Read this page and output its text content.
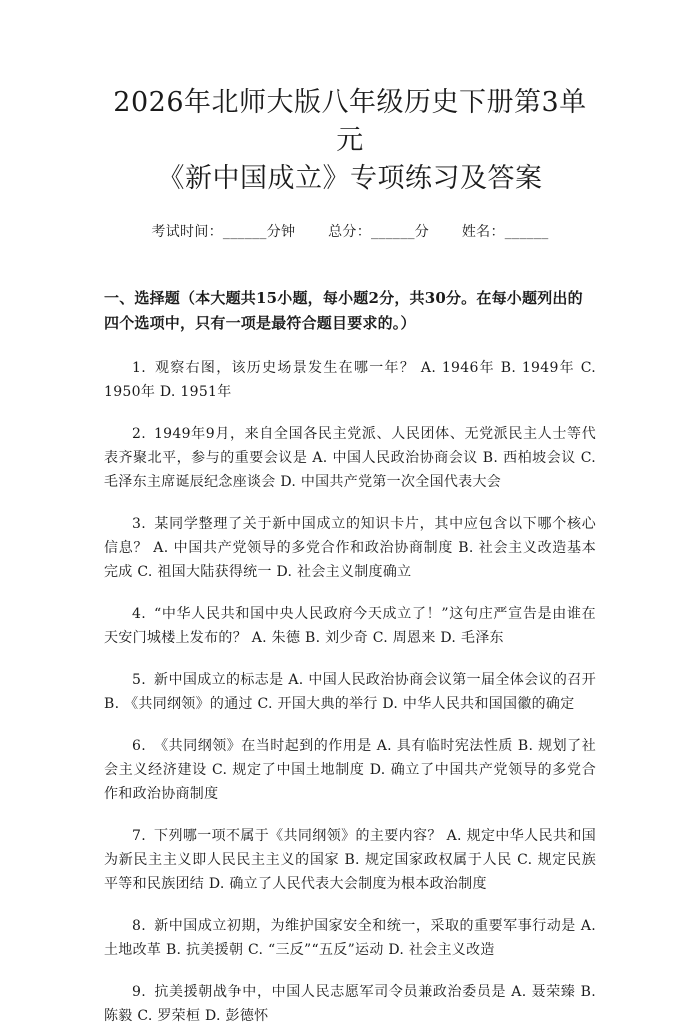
2026年北师大版八年级历史下册第3单元
《新中国成立》专项练习及答案
考试时间：______分钟 总分：______分 姓名：______
一、选择题（本大题共15小题，每小题2分，共30分。在每小题列出的四个选项中，只有一项是最符合题目要求的。）

1. 观察右图，该历史场景发生在哪一年？ A. 1946年 B. 1949年 C. 1950年 D. 1951年

2. 1949年9月，来自全国各民主党派、人民团体、无党派民主人士等代表齐聚北平，参与的重要会议是 A. 中国人民政治协商会议 B. 西柏坡会议 C. 毛泽东主席诞辰纪念座谈会 D. 中国共产党第一次全国代表大会

3. 某同学整理了关于新中国成立的知识卡片，其中应包含以下哪个核心信息？ A. 中国共产党领导的多党合作和政治协商制度 B. 社会主义改造基本完成 C. 祖国大陆获得统一 D. 社会主义制度确立

4. “中华人民共和国中央人民政府今天成立了！”这句庄严宣告是由谁在天安门城楼上发布的？ A. 朱德 B. 刘少奇 C. 周恩来 D. 毛泽东

5. 新中国成立的标志是 A. 中国人民政治协商会议第一届全体会议的召开 B. 《共同纲领》的通过 C. 开国大典的举行 D. 中华人民共和国国徽的确定

6. 《共同纲领》在当时起到的作用是 A. 具有临时宪法性质 B. 规划了社会主义经济建设 C. 规定了中国土地制度 D. 确立了中国共产党领导的多党合作和政治协商制度

7. 下列哪一项不属于《共同纲领》的主要内容？ A. 规定中华人民共和国为新民主主义即人民民主主义的国家 B. 规定国家政权属于人民 C. 规定民族平等和民族团结 D. 确立了人民代表大会制度为根本政治制度

8. 新中国成立初期，为维护国家安全和统一，采取的重要军事行动是 A. 土地改革 B. 抗美援朝 C. “三反”“五反”运动 D. 社会主义改造

9. 抗美援朝战争中，中国人民志愿军司令员兼政治委员是 A. 聂荣臻 B. 陈毅 C. 罗荣桓 D. 彭德怀
